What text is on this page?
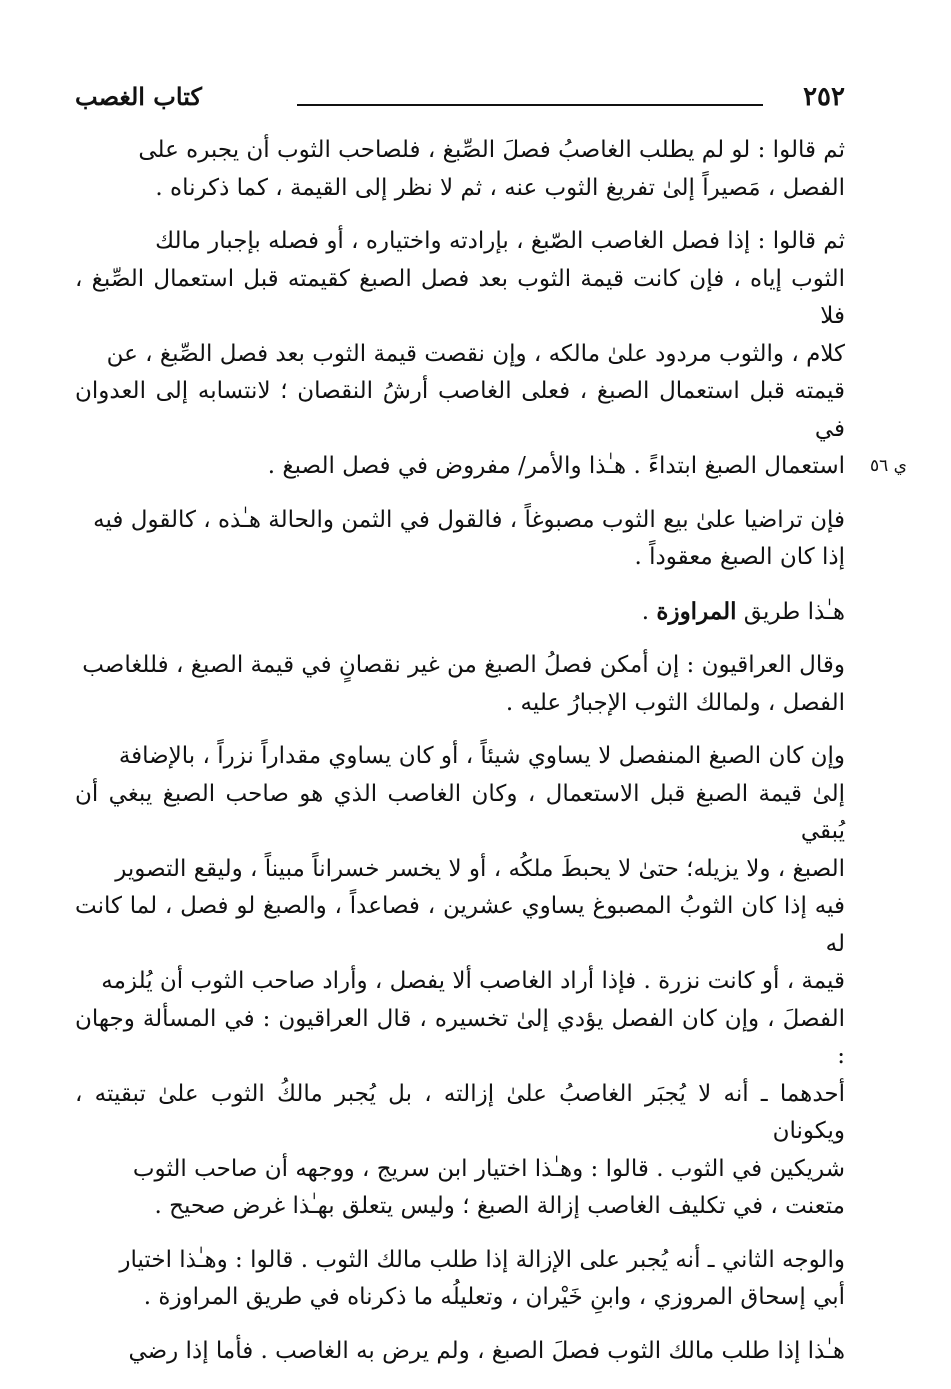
٢٥٢
كتاب الغصب

ثم قالوا : لو لم يطلب الغاصبُ فصلَ الصِّبغ ، فلصاحب الثوب أن يجبره على
الفصل ، مَصيراً إلىٰ تفريغ الثوب عنه ، ثم لا نظر إلى القيمة ، كما ذكرناه .

ثم قالوا : إذا فصل الغاصب الصّبغ ، بإرادته واختياره ، أو فصله بإجبار مالك
الثوب إياه ، فإن كانت قيمة الثوب بعد فصل الصبغ كقيمته قبل استعمال الصِّبغ ، فلا
كلام ، والثوب مردود علىٰ مالكه ، وإن نقصت قيمة الثوب بعد فصل الصِّبغ ، عن
قيمته قبل استعمال الصبغ ، فعلى الغاصب أرشُ النقصان ؛ لانتسابه إلى العدوان في
استعمال الصبغ ابتداءً . هـٰذا والأمر/ مفروض في فصل الصبغ . ي ٥٦

فإن تراضيا علىٰ بيع الثوب مصبوغاً ، فالقول في الثمن والحالة هـٰذه ، كالقول فيه
إذا كان الصبغ معقوداً .

هـٰذا طريق المراوزة .

وقال العراقيون : إن أمكن فصلُ الصبغ من غير نقصانٍ في قيمة الصبغ ، فللغاصب
الفصل ، ولمالك الثوب الإجبارُ عليه .

وإن كان الصبغ المنفصل لا يساوي شيئاً ، أو كان يساوي مقداراً نزراً ، بالإضافة
إلىٰ قيمة الصبغ قبل الاستعمال ، وكان الغاصب الذي هو صاحب الصبغ يبغي أن يُبقي
الصبغ ، ولا يزيله؛ حتىٰ لا يحبطَ ملكُه ، أو لا يخسر خسراناً مبيناً ، وليقع التصوير
فيه إذا كان الثوبُ المصبوغ يساوي عشرين ، فصاعداً ، والصبغ لو فصل ، لما كانت له
قيمة ، أو كانت نزرة . فإذا أراد الغاصب ألا يفصل ، وأراد صاحب الثوب أن يُلزمه
الفصلَ ، وإن كان الفصل يؤدي إلىٰ تخسيره ، قال العراقيون : في المسألة وجهان :
أحدهما ـ أنه لا يُجبَر الغاصبُ علىٰ إزالته ، بل يُجبر مالكُ الثوب علىٰ تبقيته ، ويكونان
شريكين في الثوب . قالوا : وهـٰذا اختيار ابن سريج ، ووجهه أن صاحب الثوب
متعنت ، في تكليف الغاصب إزالة الصبغ ؛ وليس يتعلق بهـٰذا غرض صحيح .

والوجه الثاني ـ أنه يُجبر على الإزالة إذا طلب مالك الثوب . قالوا : وهـٰذا اختيار
أبي إسحاق المروزي ، وابنِ خَيْران ، وتعليلُه ما ذكرناه في طريق المراوزة .

هـٰذا إذا طلب مالك الثوب فصلَ الصبغ ، ولم يرض به الغاصب . فأما إذا رضي
